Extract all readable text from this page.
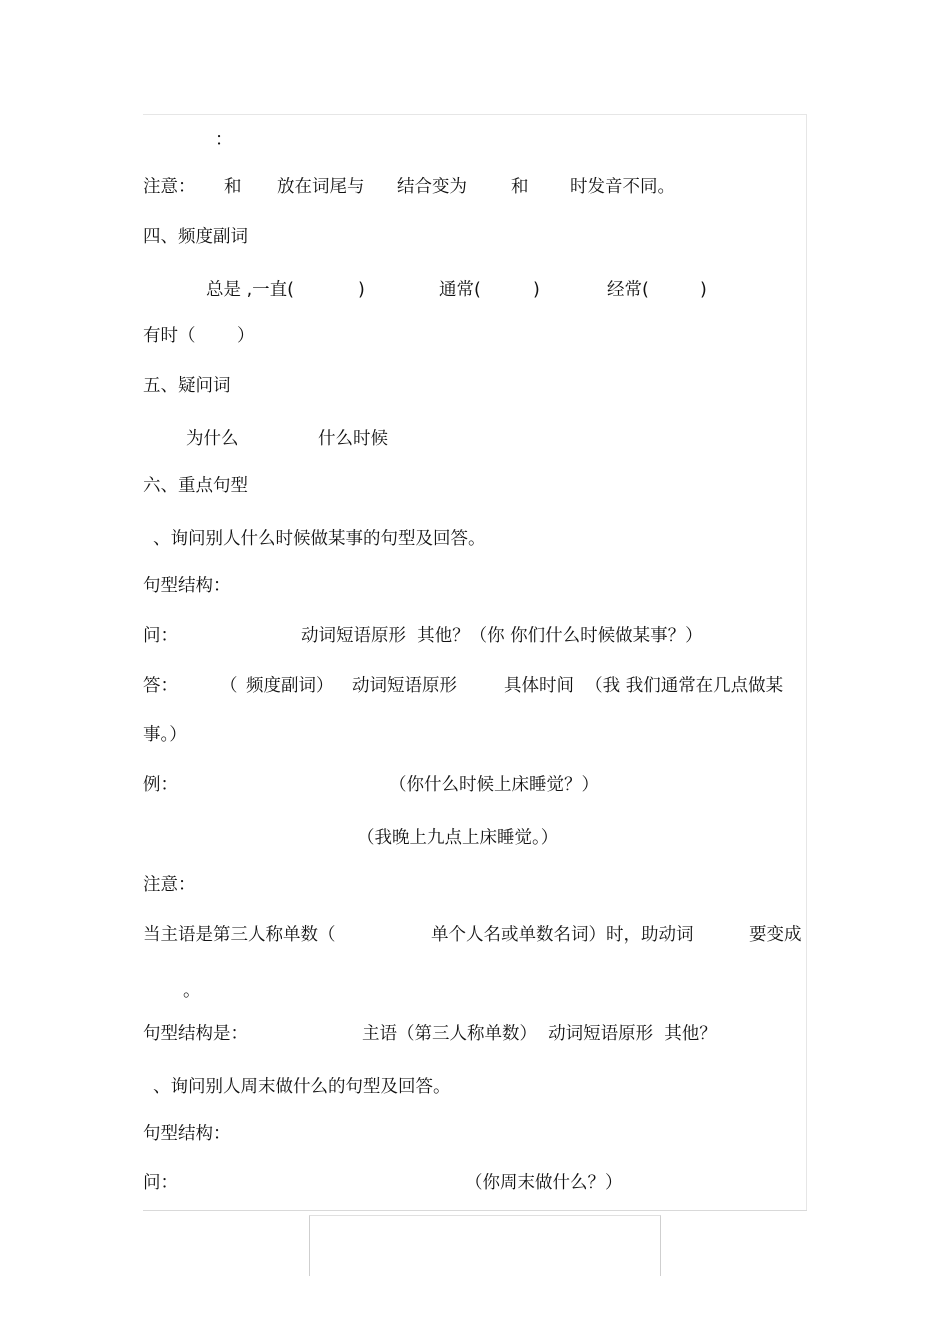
：
注意： 和 放在词尾与 结合变为	和 时发音不同。
四、频度副词
总是 ,一直(	)	通常(	)	经常(	)
有时（ ）
五、疑问词
为什么	什么时候
六、重点句型
、询问别人什么时候做某事的句型及回答。
句型结构：
问：	动词短语原形  其他？（你 你们什么时候做某事？）
答： （ 频度副词） 动词短语原形	具体时间  （我 我们通常在几点做某
事。）
例：	（你什么时候上床睡觉？）
（我晚上九点上床睡觉。）
注意：
当主语是第三人称单数（	单个人名或单数名词）时，助动词	要变成
。
句型结构是：	主语（第三人称单数）  动词短语原形  其他？
、询问别人周末做什么的句型及回答。
句型结构：
问：	（你周末做什么？）
